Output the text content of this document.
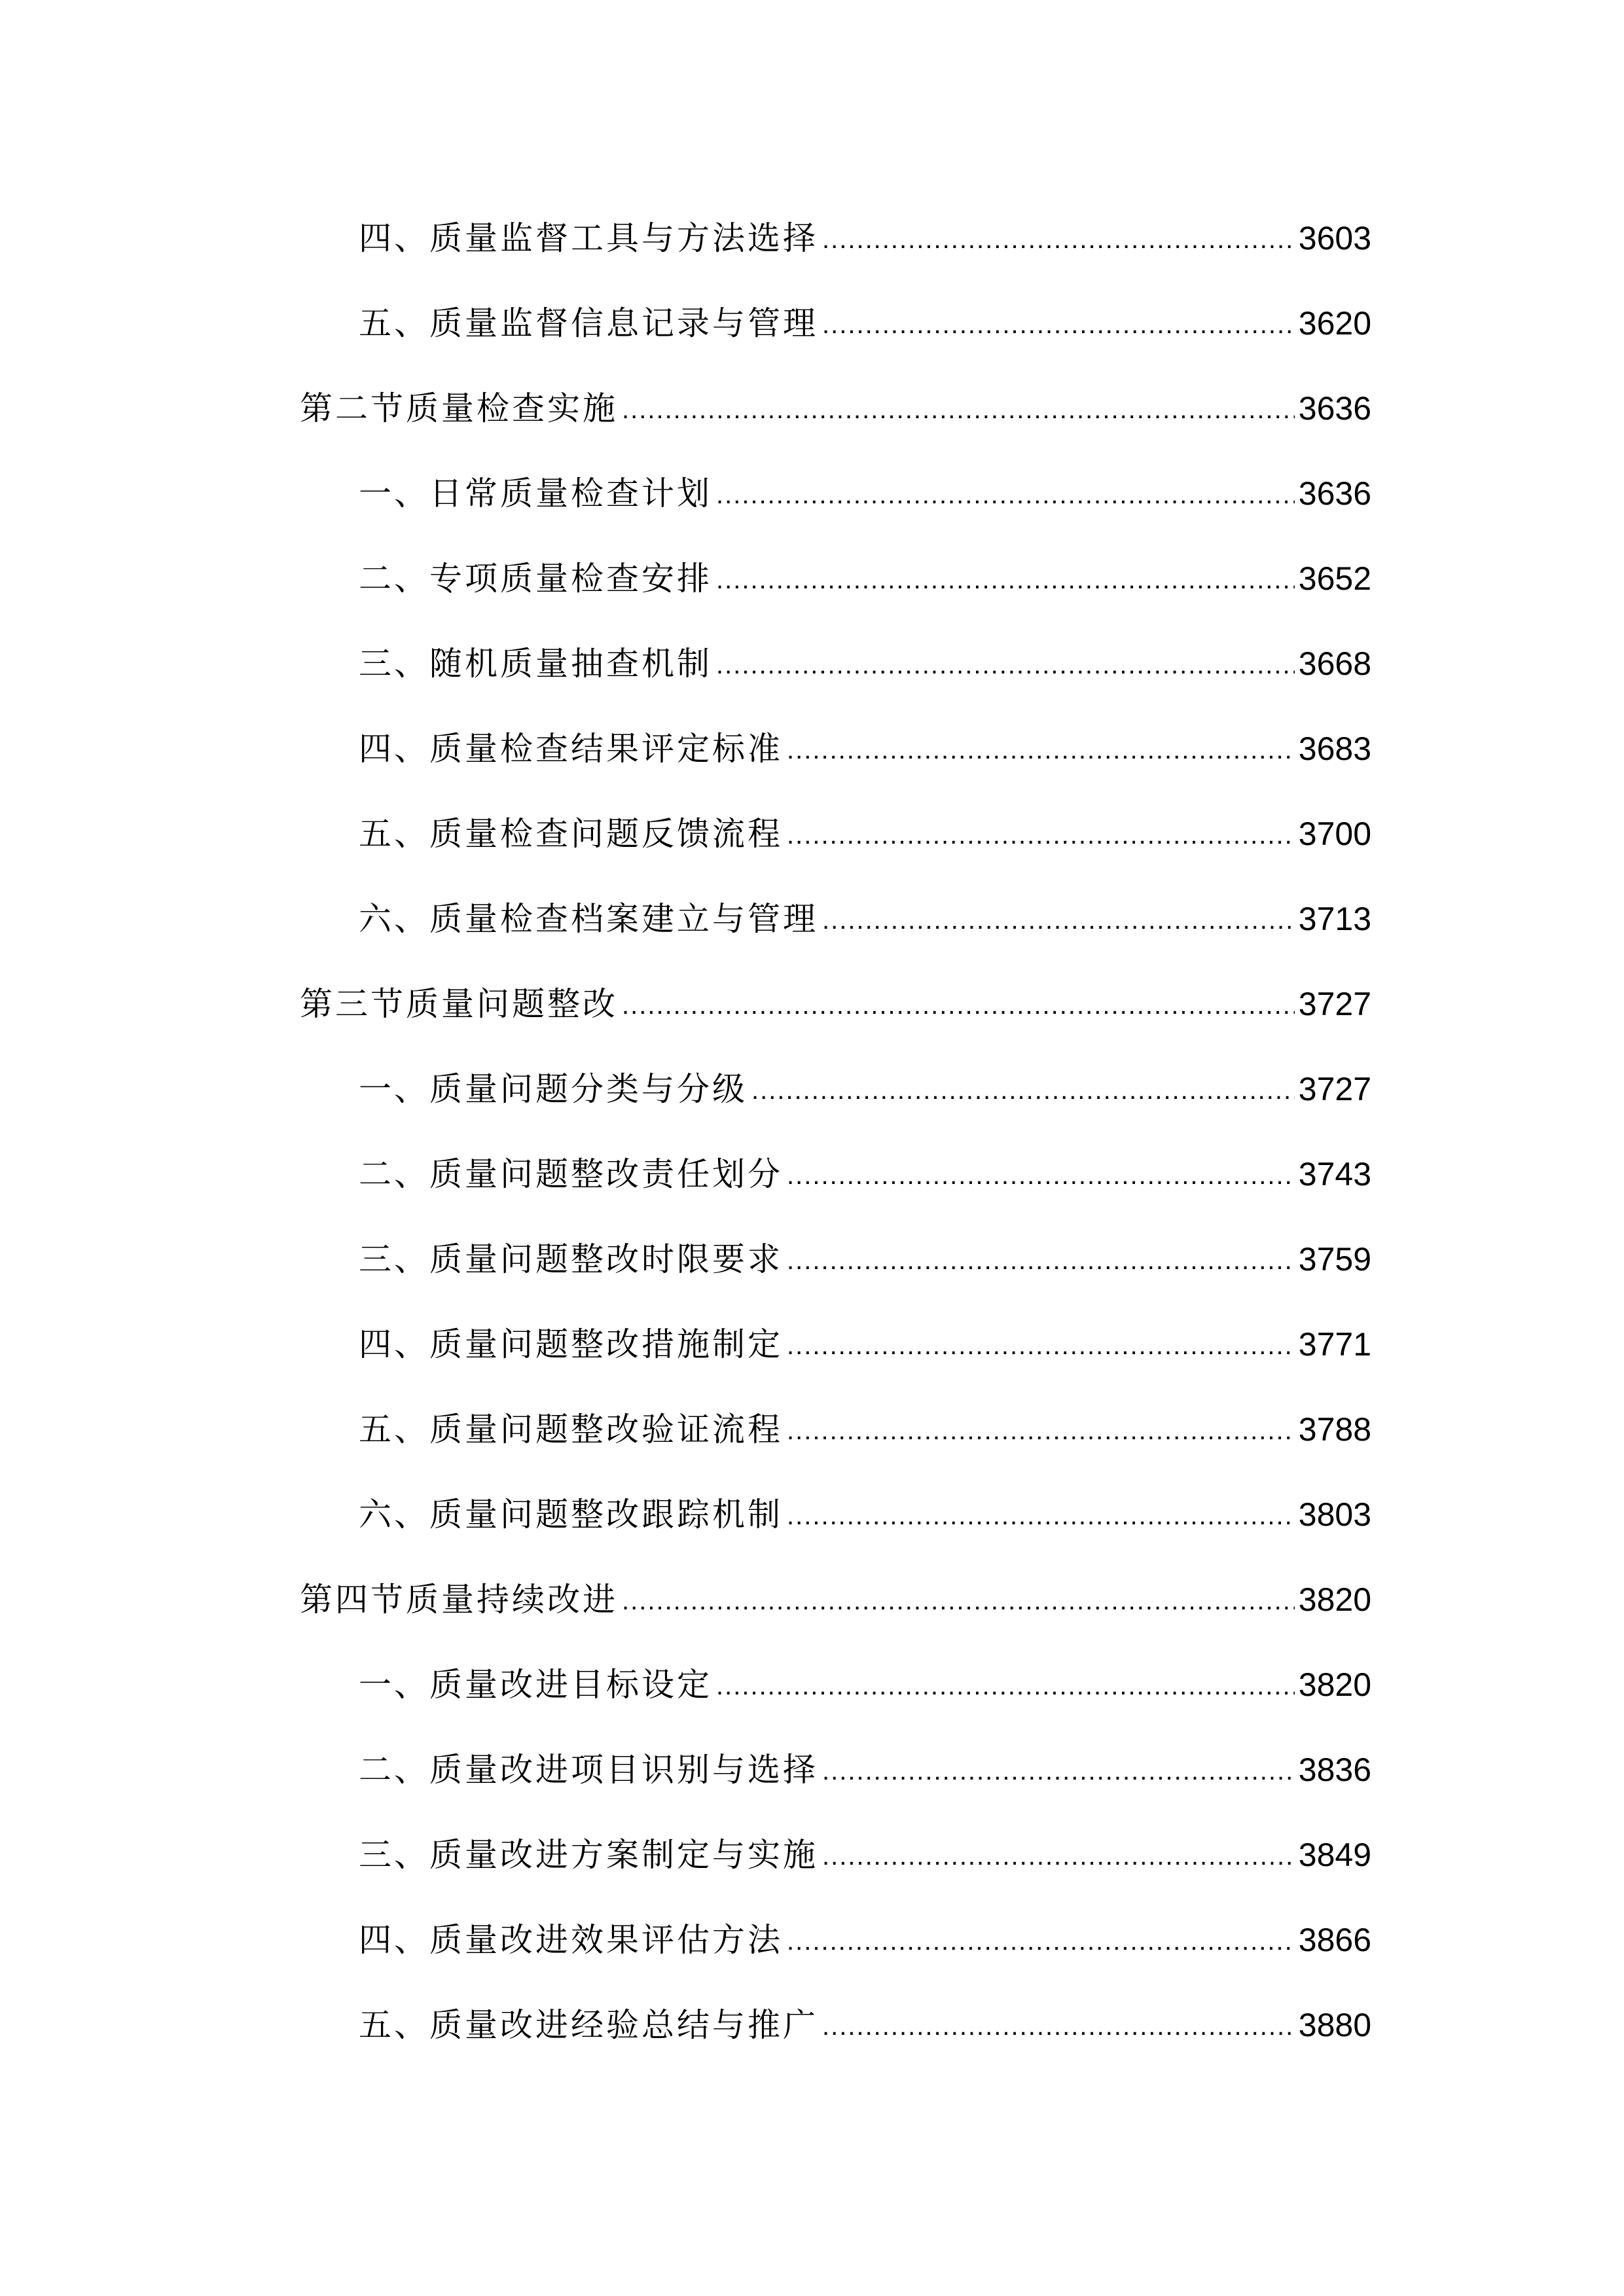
四、质量监督工具与方法选择 .....	3603
五、质量监督信息记录与管理 .....	3620
第二节质量检查实施 .....	3636
一、日常质量检查计划 .....	3636
二、专项质量检查安排 .....	3652
三、随机质量抽查机制 .....	3668
四、质量检查结果评定标准 .....	3683
五、质量检查问题反馈流程 .....	3700
六、质量检查档案建立与管理 .....	3713
第三节质量问题整改 .....	3727
一、质量问题分类与分级 .....	3727
二、质量问题整改责任划分 .....	3743
三、质量问题整改时限要求 .....	3759
四、质量问题整改措施制定 .....	3771
五、质量问题整改验证流程 .....	3788
六、质量问题整改跟踪机制 .....	3803
第四节质量持续改进 .....	3820
一、质量改进目标设定 .....	3820
二、质量改进项目识别与选择 .....	3836
三、质量改进方案制定与实施 .....	3849
四、质量改进效果评估方法 .....	3866
五、质量改进经验总结与推广 .....	3880
